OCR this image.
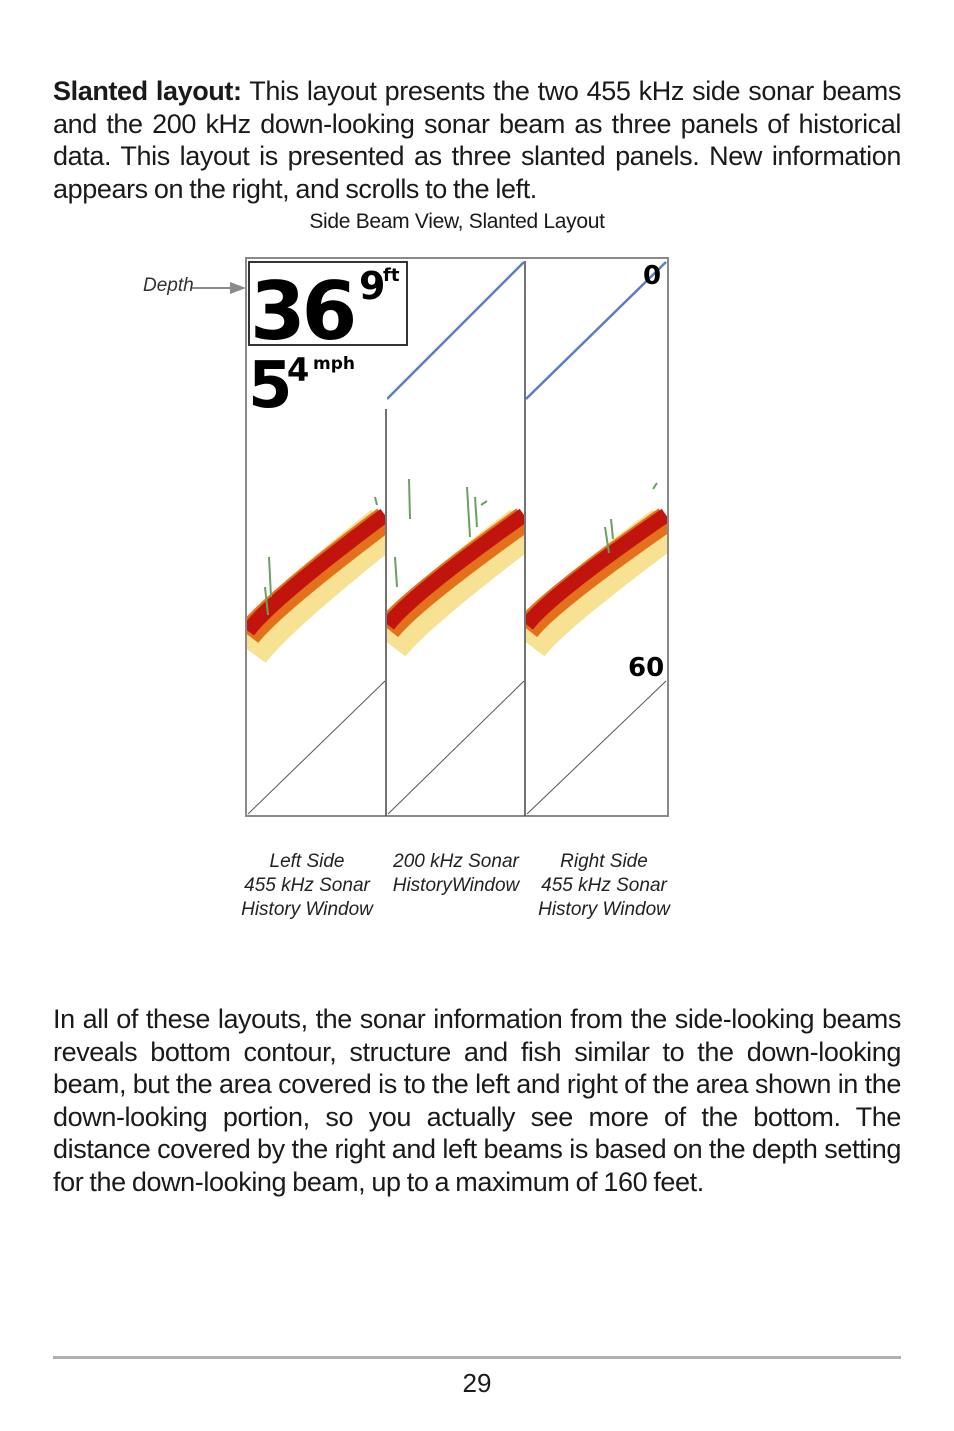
Slanted layout: This layout presents the two 455 kHz side sonar beams and the 200 kHz down-looking sonar beam as three panels of historical data. This layout is presented as three slanted panels. New information appears on the right, and scrolls to the left.

Side Beam View, Slanted Layout
Depth 36 9
ft
5
4 mph
0
60
Left Side
455 kHz Sonar
History Window
200 kHz Sonar
HistoryWindow
Right Side
455 kHz Sonar
History Window

In all of these layouts, the sonar information from the side-looking beams reveals bottom contour, structure and fish similar to the down-looking beam, but the area covered is to the left and right of the area shown in the down-looking portion, so you actually see more of the bottom. The distance covered by the right and left beams is based on the depth setting for the down-looking beam, up to a maximum of 160 feet.

29
